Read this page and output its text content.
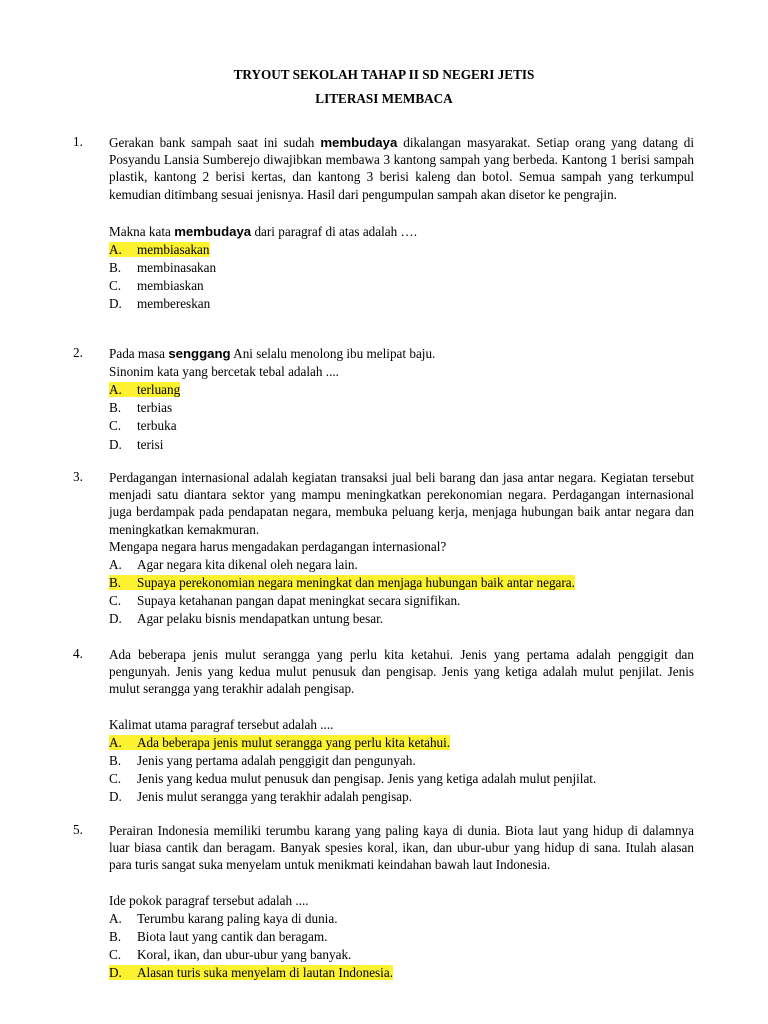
TRYOUT SEKOLAH TAHAP II SD NEGERI JETIS
LITERASI MEMBACA
1. Gerakan bank sampah saat ini sudah membudaya dikalangan masyarakat. Setiap orang yang datang di Posyandu Lansia Sumberejo diwajibkan membawa 3 kantong sampah yang berbeda. Kantong 1 berisi sampah plastik, kantong 2 berisi kertas, dan kantong 3 berisi kaleng dan botol. Semua sampah yang terkumpul kemudian ditimbang sesuai jenisnya. Hasil dari pengumpulan sampah akan disetor ke pengrajin.

Makna kata membudaya dari paragraf di atas adalah ….
A. membiasakan
B. membinasakan
C. membiaskan
D. membereskan
2. Pada masa senggang Ani selalu menolong ibu melipat baju.
Sinonim kata yang bercetak tebal adalah ....
A. terluang
B. terbias
C. terbuka
D. terisi
3. Perdagangan internasional adalah kegiatan transaksi jual beli barang dan jasa antar negara. Kegiatan tersebut menjadi satu diantara sektor yang mampu meningkatkan perekonomian negara. Perdagangan internasional juga berdampak pada pendapatan negara, membuka peluang kerja, menjaga hubungan baik antar negara dan meningkatkan kemakmuran.

Mengapa negara harus mengadakan perdagangan internasional?
A. Agar negara kita dikenal oleh negara lain.
B. Supaya perekonomian negara meningkat dan menjaga hubungan baik antar negara.
C. Supaya ketahanan pangan dapat meningkat secara signifikan.
D. Agar pelaku bisnis mendapatkan untung besar.
4. Ada beberapa jenis mulut serangga yang perlu kita ketahui. Jenis yang pertama adalah penggigit dan pengunyah. Jenis yang kedua mulut penusuk dan pengisap. Jenis yang ketiga adalah mulut penjilat. Jenis mulut serangga yang terakhir adalah pengisap.

Kalimat utama paragraf tersebut adalah ....
A. Ada beberapa jenis mulut serangga yang perlu kita ketahui.
B. Jenis yang pertama adalah penggigit dan pengunyah.
C. Jenis yang kedua mulut penusuk dan pengisap. Jenis yang ketiga adalah mulut penjilat.
D. Jenis mulut serangga yang terakhir adalah pengisap.
5. Perairan Indonesia memiliki terumbu karang yang paling kaya di dunia. Biota laut yang hidup di dalamnya luar biasa cantik dan beragam. Banyak spesies koral, ikan, dan ubur-ubur yang hidup di sana. Itulah alasan para turis sangat suka menyelam untuk menikmati keindahan bawah laut Indonesia.

Ide pokok paragraf tersebut adalah ....
A. Terumbu karang paling kaya di dunia.
B. Biota laut yang cantik dan beragam.
C. Koral, ikan, dan ubur-ubur yang banyak.
D. Alasan turis suka menyelam di lautan Indonesia.
